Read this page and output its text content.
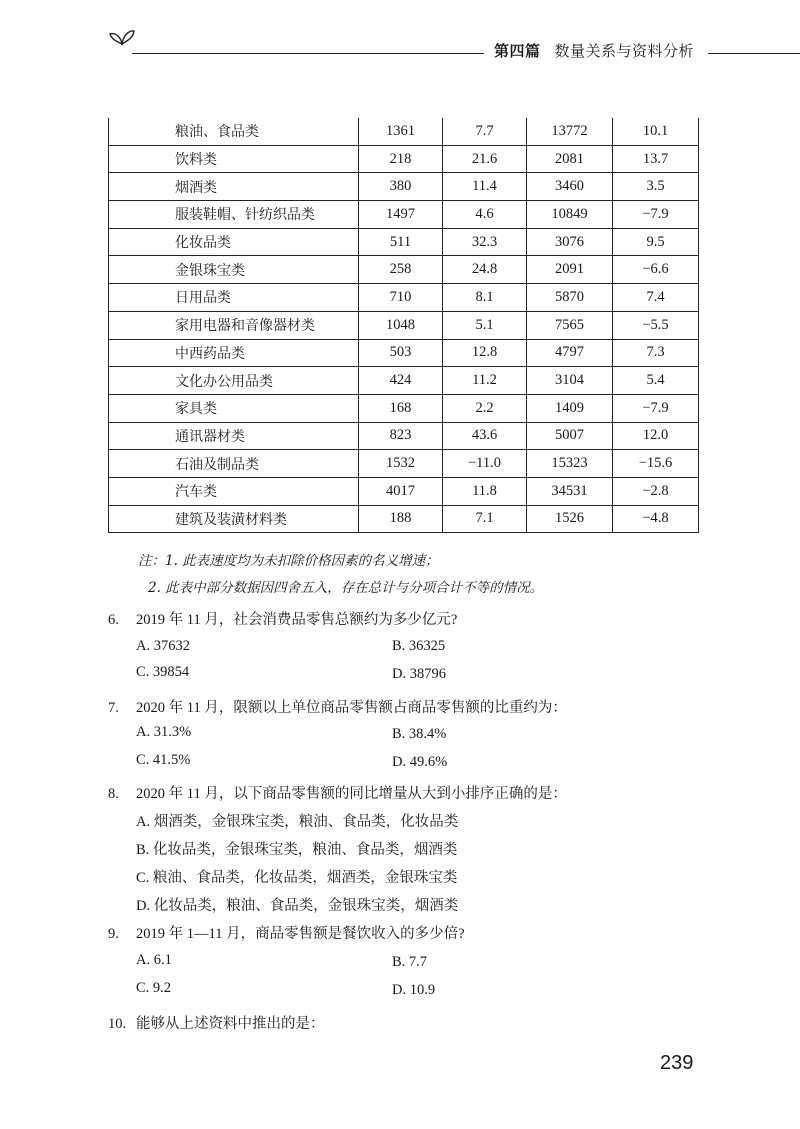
第四篇 数量关系与资料分析
粮油、食品类	1361	7.7	13772	10.1
饮料类	218	21.6	2081	13.7
烟酒类	380	11.4	3460	3.5
服装鞋帽、针纺织品类	1497	4.6	10849	−7.9
化妆品类	511	32.3	3076	9.5
金银珠宝类	258	24.8	2091	−6.6
日用品类	710	8.1	5870	7.4
家用电器和音像器材类	1048	5.1	7565	−5.5
中西药品类	503	12.8	4797	7.3
文化办公用品类	424	11.2	3104	5.4
家具类	168	2.2	1409	−7.9
通讯器材类	823	43.6	5007	12.0
石油及制品类	1532	−11.0	15323	−15.6
汽车类	4017	11.8	34531	−2.8
建筑及装潢材料类	188	7.1	1526	−4.8
注：1. 此表速度均为未扣除价格因素的名义增速；
2. 此表中部分数据因四舍五入，存在总计与分项合计不等的情况。
6. 2019 年 11 月，社会消费品零售总额约为多少亿元?
A. 37632	B. 36325
C. 39854	D. 38796
7. 2020 年 11 月，限额以上单位商品零售额占商品零售额的比重约为：
A. 31.3%	B. 38.4%
C. 41.5%	D. 49.6%
8. 2020 年 11 月，以下商品零售额的同比增量从大到小排序正确的是：
A. 烟酒类，金银珠宝类，粮油、食品类，化妆品类
B. 化妆品类，金银珠宝类，粮油、食品类，烟酒类
C. 粮油、食品类，化妆品类，烟酒类，金银珠宝类
D. 化妆品类，粮油、食品类，金银珠宝类，烟酒类
9. 2019 年 1—11 月，商品零售额是餐饮收入的多少倍?
A. 6.1	B. 7.7
C. 9.2	D. 10.9
10. 能够从上述资料中推出的是：
239
